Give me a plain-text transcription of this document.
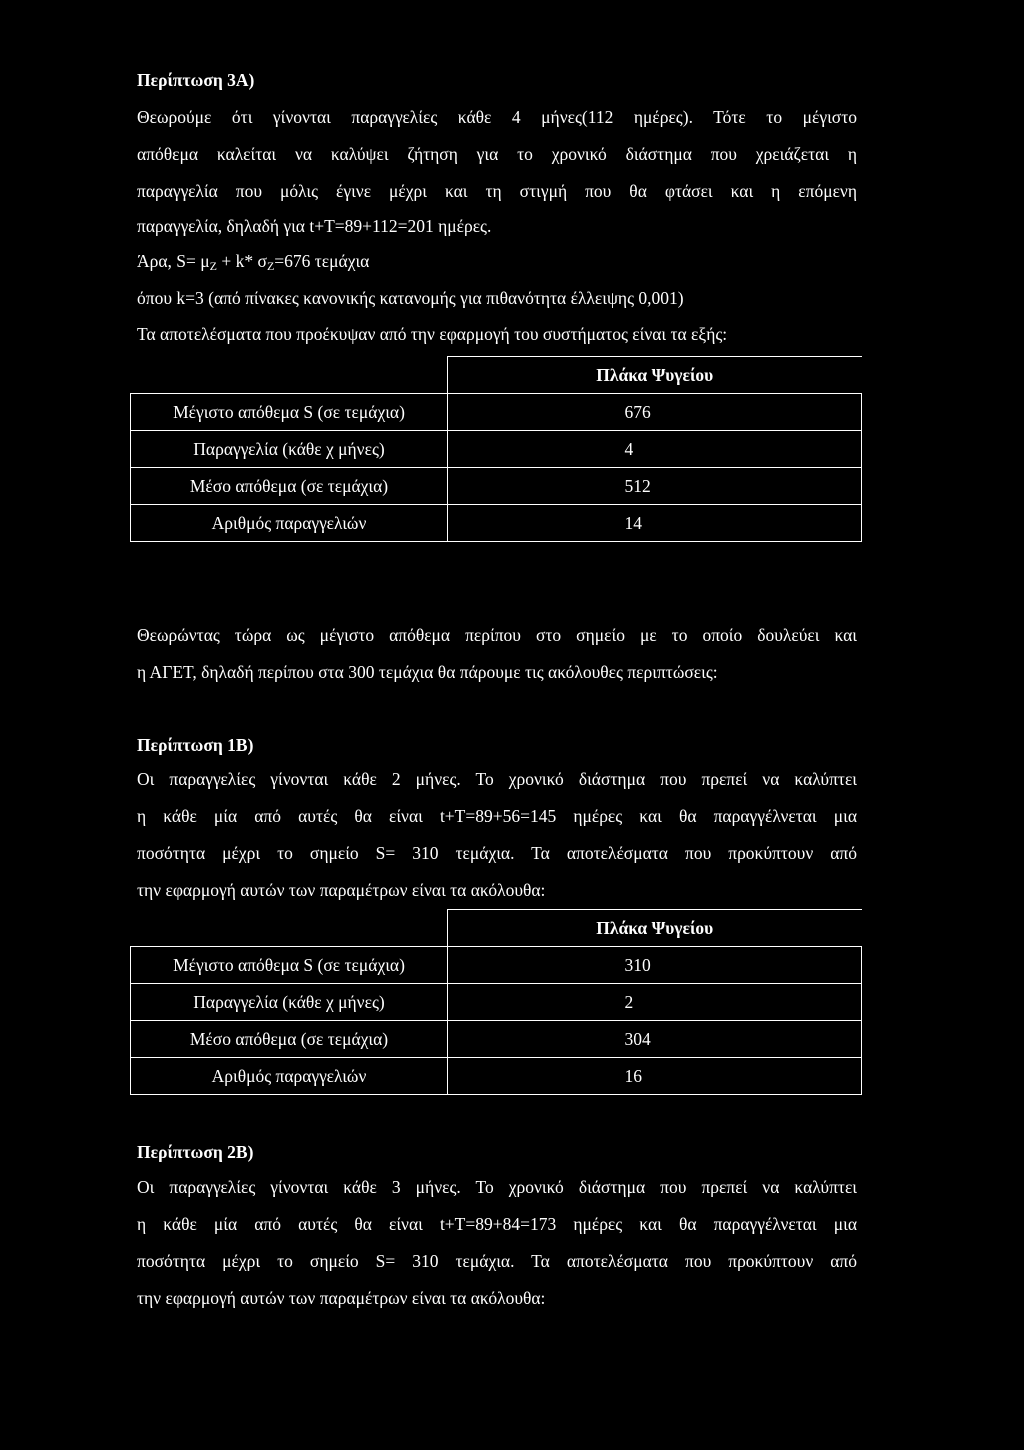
Περίπτωση 3Α)
Θεωρούμε ότι γίνονται παραγγελίες κάθε 4 μήνες(112 ημέρες). Τότε το μέγιστο
απόθεμα καλείται να καλύψει ζήτηση για το χρονικό διάστημα που χρειάζεται η
παραγγελία που μόλις έγινε μέχρι και τη στιγμή που θα φτάσει και η επόμενη
παραγγελία, δηλαδή για t+T=89+112=201 ημέρες.
Άρα, $S= \mu_Z + k*$ $\sigma_Z=676$ τεμάχια
όπου k=3 (από πίνακες κανονικής κατανομής για πιθανότητα έλλειψης 0,001)
Τα αποτελέσματα που προέκυψαν από την εφαρμογή του συστήματος είναι τα εξής:
	Πλάκα Ψυγείου
Μέγιστο απόθεμα S (σε τεμάχια)	676
Παραγγελία (κάθε χ μήνες)	4
Μέσο απόθεμα (σε τεμάχια)	512
Αριθμός παραγγελιών	14
Θεωρώντας τώρα ως μέγιστο απόθεμα περίπου στο σημείο με το οποίο δουλεύει και
η ΑΓΕΤ, δηλαδή περίπου στα 300 τεμάχια θα πάρουμε τις ακόλουθες περιπτώσεις:
Περίπτωση 1Β)
Οι παραγγελίες γίνονται κάθε 2 μήνες. Το χρονικό διάστημα που πρεπεί να καλύπτει
η κάθε μία από αυτές θα είναι t+T=89+56=145 ημέρες και θα παραγγέλνεται μια
ποσότητα μέχρι το σημείο S= 310 τεμάχια. Τα αποτελέσματα που προκύπτουν από
την εφαρμογή αυτών των παραμέτρων είναι τα ακόλουθα:
	Πλάκα Ψυγείου
Μέγιστο απόθεμα S (σε τεμάχια)	310
Παραγγελία (κάθε χ μήνες)	2
Μέσο απόθεμα (σε τεμάχια)	304
Αριθμός παραγγελιών	16
Περίπτωση 2Β)
Οι παραγγελίες γίνονται κάθε 3 μήνες. Το χρονικό διάστημα που πρεπεί να καλύπτει
η κάθε μία από αυτές θα είναι t+T=89+84=173 ημέρες και θα παραγγέλνεται μια
ποσότητα μέχρι το σημείο S= 310 τεμάχια. Τα αποτελέσματα που προκύπτουν από
την εφαρμογή αυτών των παραμέτρων είναι τα ακόλουθα:
